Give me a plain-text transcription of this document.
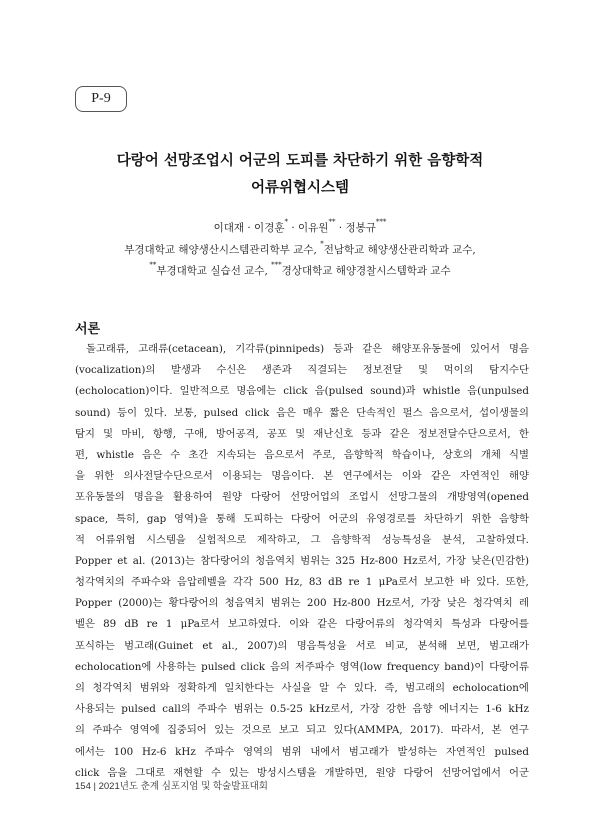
P-9
다랑어 선망조업시 어군의 도피를 차단하기 위한 음향학적
어류위협시스템
이대재 · 이경훈* · 이유원** · 정봉규***
부경대학교 해양생산시스템관리학부 교수, *전남학교 해양생산관리학과 교수,
**부경대학교 실습선 교수, ***경상대학교 해양경찰시스템학과 교수
서론
돌고래류, 고래류(cetacean), 기각류(pinnipeds) 등과 같은 해양포유동물에 있어서 명음
(vocalization)의 발생과 수신은 생존과 직결되는 정보전달 및 먹이의 탐지수단
(echolocation)이다. 일반적으로 명음에는 click 음(pulsed sound)과 whistle 음(unpulsed
sound) 등이 있다. 보통, pulsed click 음은 매우 짧은 단속적인 펄스 음으로서, 섭이생물의
탐지 및 마비, 항행, 구애, 방어공격, 공포 및 재난신호 등과 같은 정보전달수단으로서, 한
편, whistle 음은 수 초간 지속되는 음으로서 주로, 음향학적 학습이나, 상호의 개체 식별
을 위한 의사전달수단으로서 이용되는 명음이다. 본 연구에서는 이와 같은 자연적인 해양
포유동물의 명음을 활용하여 원양 다랑어 선망어업의 조업시 선망그물의 개방영역(opened
space, 특히, gap 영역)을 통해 도피하는 다랑어 어군의 유영경로를 차단하기 위한 음향학
적 어류위협 시스템을 실험적으로 제작하고, 그 음향학적 성능특성을 분석, 고찰하였다.
Popper et al. (2013)는 참다랑어의 청음역치 범위는 325 Hz-800 Hz로서, 가장 낮은(민감한)
청각역치의 주파수와 음압레벨을 각각 500 Hz, 83 dB re 1 μPa로서 보고한 바 있다. 또한,
Popper (2000)는 황다랑어의 청음역치 범위는 200 Hz-800 Hz로서, 가장 낮은 청각역치 레
벨은 89 dB re 1 μPa로서 보고하였다. 이와 같은 다랑어류의 청각역치 특성과 다랑어를
포식하는 범고래(Guinet et al., 2007)의 명음특성을 서로 비교, 분석해 보면, 범고래가
echolocation에 사용하는 pulsed click 음의 저주파수 영역(low frequency band)이 다랑어류
의 청각역치 범위와 정확하게 일치한다는 사실을 알 수 있다. 즉, 범고래의 echolocation에
사용되는 pulsed call의 주파수 범위는 0.5-25 kHz로서, 가장 강한 음향 에너지는 1-6 kHz
의 주파수 영역에 집중되어 있는 것으로 보고 되고 있다(AMMPA, 2017). 따라서, 본 연구
에서는 100 Hz-6 kHz 주파수 영역의 범위 내에서 범고래가 발성하는 자연적인 pulsed
click 음을 그대로 재현할 수 있는 방성시스템을 개발하면, 원양 다랑어 선망어업에서 어군
154 | 2021년도 춘계 심포지엄 및 학술발표대회
